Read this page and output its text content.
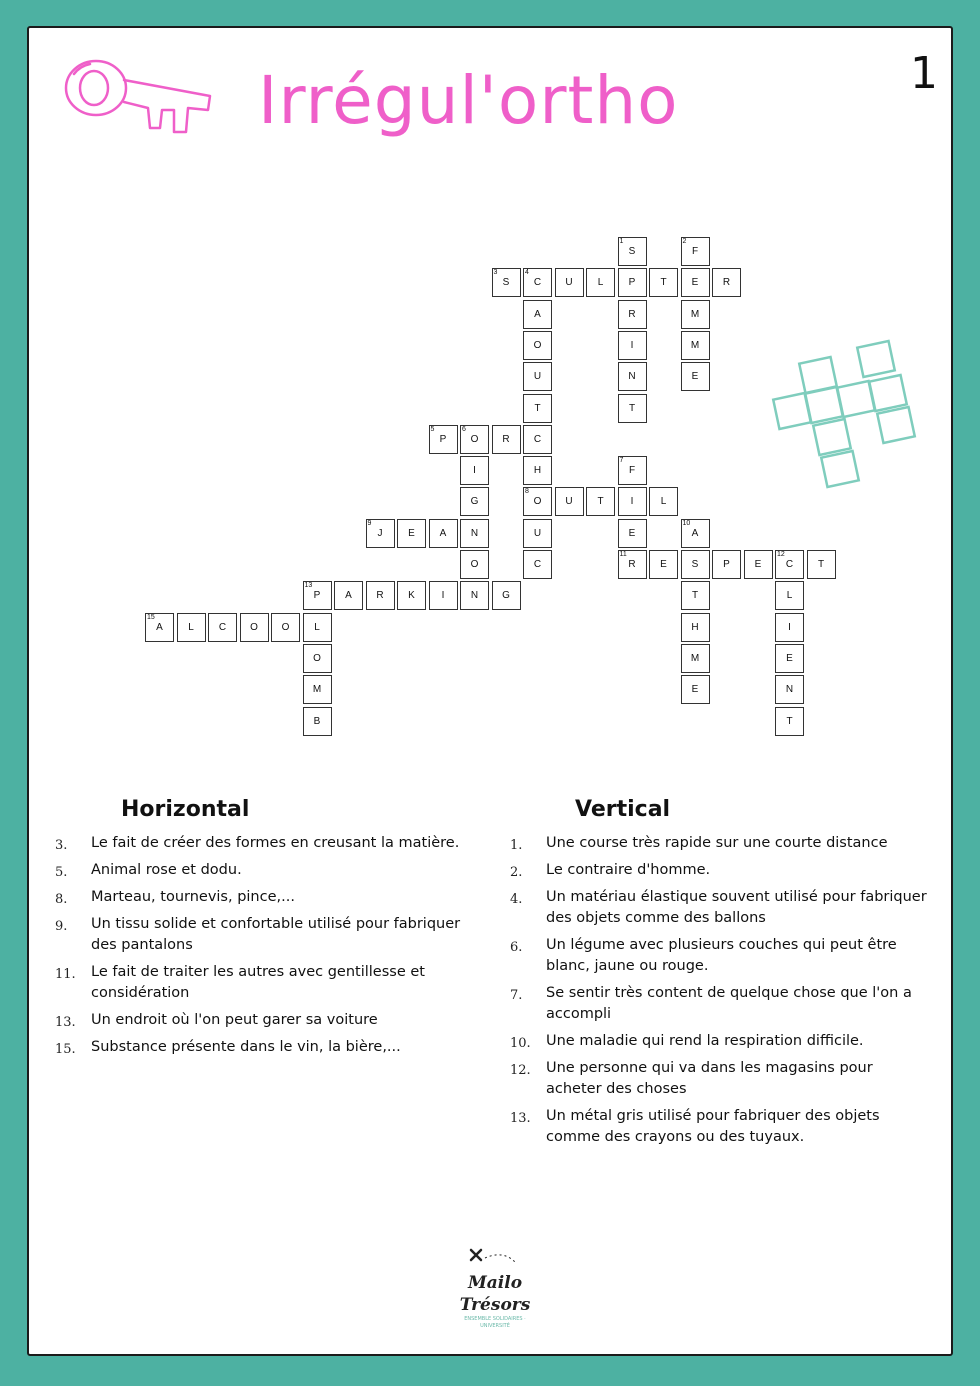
Irrégul'ortho	1
1
S
P
R
I
N
T
2
F
E
M
M
E
3
S
4
C	U	L	T	R
A
O
U
T
C
H
8
O
U
C
5
P
6
O	R
I
G
N
O
N
7
F
I
E
11
R
U	T	L
9
J	E	A
10
A
S
T
H
M
E
E	P	E
12
C	T
L
I
E
N
T
13
P	A	R	K	I	G
L
O
M
B
15
A	L	C	O	O
Horizontal
3. Le fait de créer des formes en creusant la matière.
5. Animal rose et dodu.
8. Marteau, tournevis, pince,...
9. Un tissu solide et confortable utilisé pour fabriquer des pantalons
11. Le fait de traiter les autres avec gentillesse et considération
13. Un endroit où l'on peut garer sa voiture
15. Substance présente dans le vin, la bière,...
Vertical
1. Une course très rapide sur une courte distance
2. Le contraire d'homme.
4. Un matériau élastique souvent utilisé pour fabriquer des objets comme des ballons
6. Un légume avec plusieurs couches qui peut être blanc, jaune ou rouge.
7. Se sentir très content de quelque chose que l'on a accompli
10. Une maladie qui rend la respiration difficile.
12. Une personne qui va dans les magasins pour acheter des choses
13. Un métal gris utilisé pour fabriquer des objets comme des crayons ou des tuyaux.
Mailo
Trésors
ENSEMBLE SOLIDAIRES · UNIVERSITÉ
